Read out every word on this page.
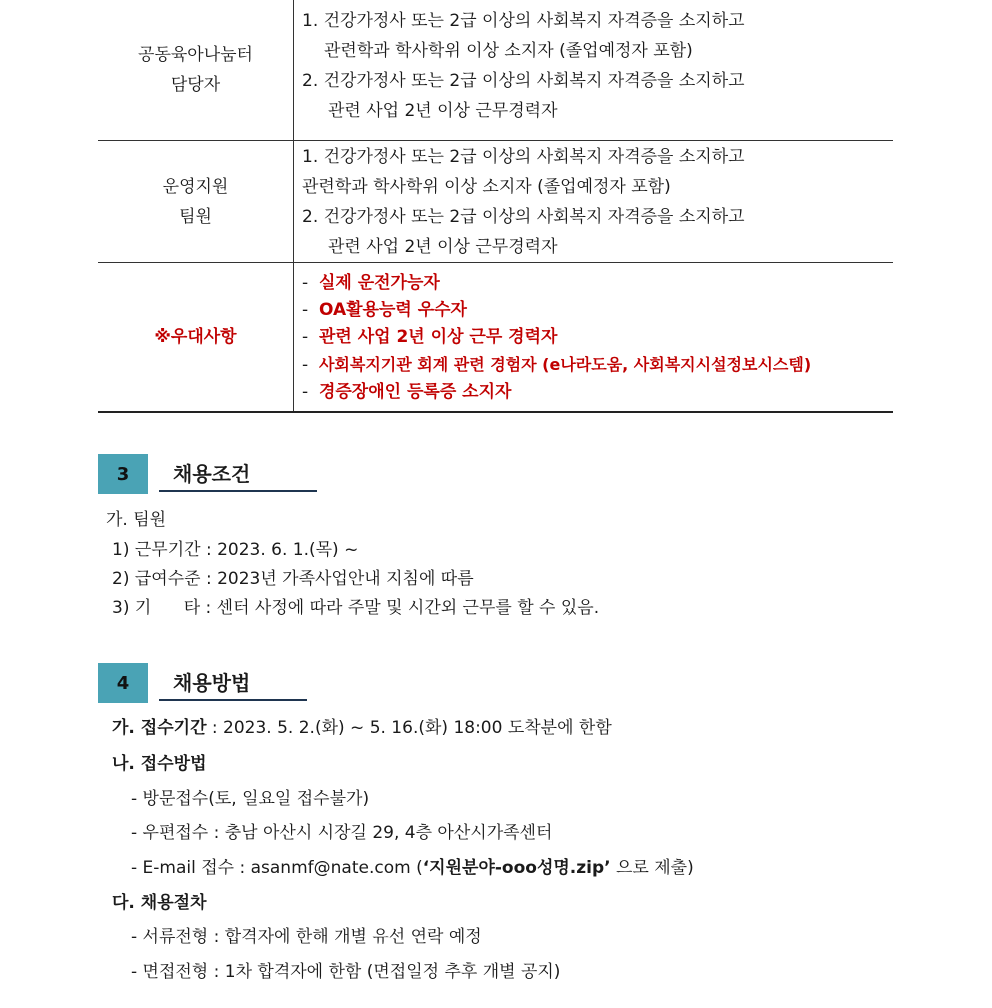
공동육아나눔터
담당자
1. 건강가정사 또는 2급 이상의 사회복지 자격증을 소지하고
관련학과 학사학위 이상 소지자 (졸업예정자 포함)
2. 건강가정사 또는 2급 이상의 사회복지 자격증을 소지하고
관련 사업 2년 이상 근무경력자
운영지원
팀원
1. 건강가정사 또는 2급 이상의 사회복지 자격증을 소지하고
관련학과 학사학위 이상 소지자 (졸업예정자 포함)
2. 건강가정사 또는 2급 이상의 사회복지 자격증을 소지하고
관련 사업 2년 이상 근무경력자
※우대사항
- 실제 운전가능자
- OA활용능력 우수자
- 관련 사업 2년 이상 근무 경력자
- 사회복지기관 회계 관련 경험자 (e나라도움, 사회복지시설정보시스템)
- 경증장애인 등록증 소지자
3	채용조건
가. 팀원
1) 근무기간 : 2023. 6. 1.(목) ~
2) 급여수준 : 2023년 가족사업안내 지침에 따름
3) 기      타 : 센터 사정에 따라 주말 및 시간외 근무를 할 수 있음.
4	채용방법
가. 접수기간 : 2023. 5. 2.(화) ~ 5. 16.(화) 18:00 도착분에 한함
나. 접수방법
- 방문접수(토, 일요일 접수불가)
- 우편접수 : 충남 아산시 시장길 29, 4층 아산시가족센터
- E-mail 접수 : asanmf@nate.com (‘지원분야-ooo성명.zip’ 으로 제출)
다. 채용절차
- 서류전형 : 합격자에 한해 개별 유선 연락 예정
- 면접전형 : 1차 합격자에 한함 (면접일정 추후 개별 공지)
